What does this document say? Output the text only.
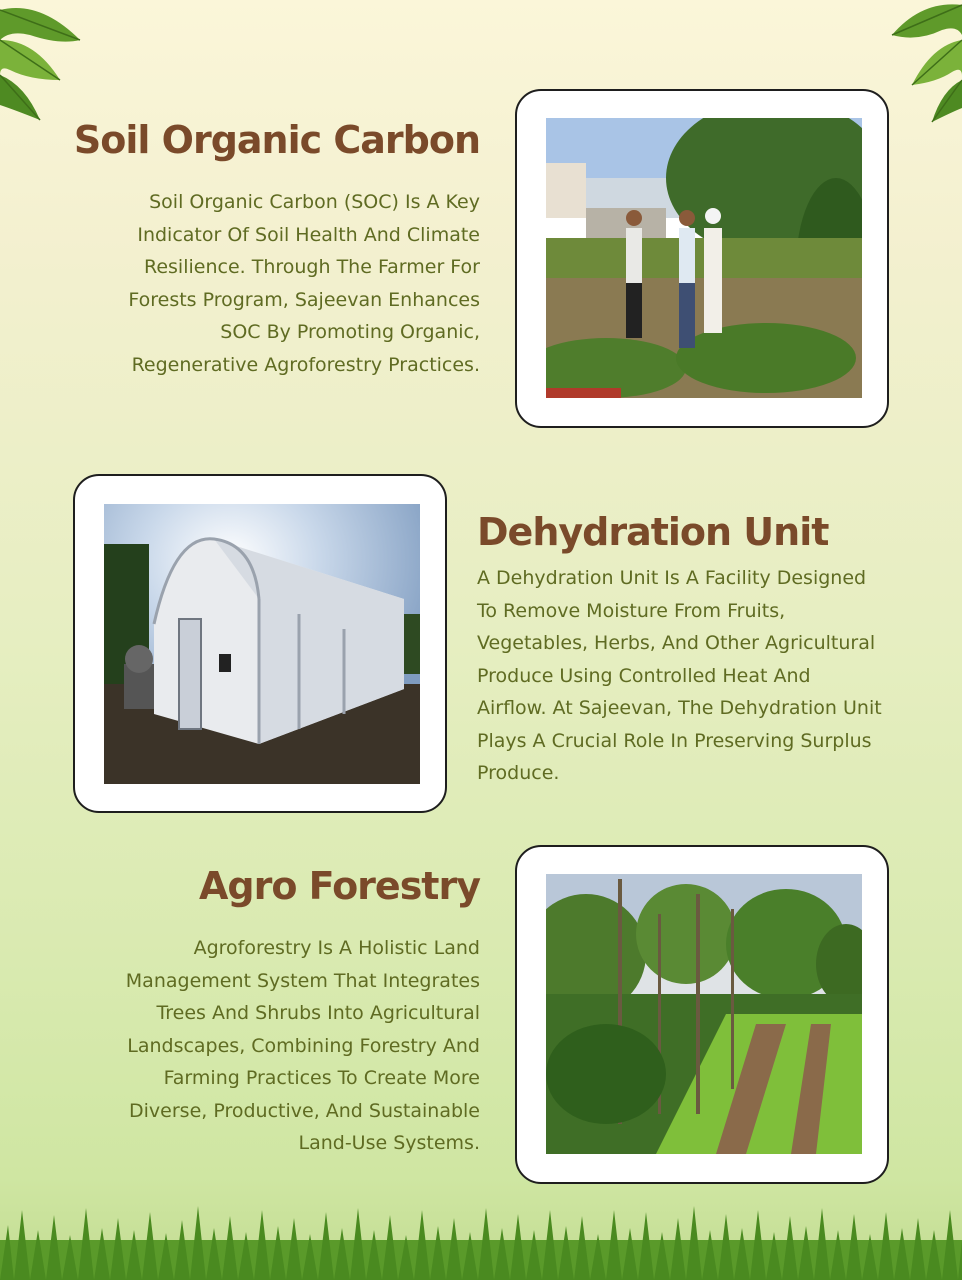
Soil Organic Carbon

Soil Organic Carbon (SOC) Is A Key
Indicator Of Soil Health And Climate
Resilience. Through The Farmer For
Forests Program, Sajeevan Enhances
SOC By Promoting Organic,
Regenerative Agroforestry Practices.

Dehydration Unit

A Dehydration Unit Is A Facility Designed
To Remove Moisture From Fruits,
Vegetables, Herbs, And Other Agricultural
Produce Using Controlled Heat And
Airflow. At Sajeevan, The Dehydration Unit
Plays A Crucial Role In Preserving Surplus
Produce.

Agro Forestry

Agroforestry Is A Holistic Land
Management System That Integrates
Trees And Shrubs Into Agricultural
Landscapes, Combining Forestry And
Farming Practices To Create More
Diverse, Productive, And Sustainable
Land-Use Systems.
